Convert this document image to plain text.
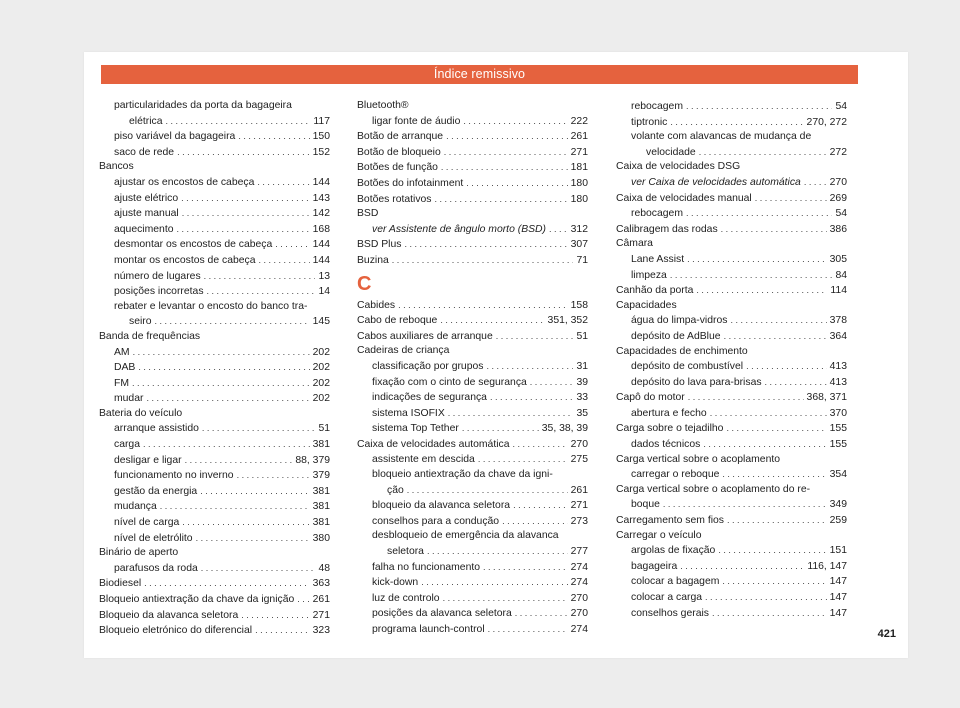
Índice remissivo
particularidades da porta da bagageira
elétrica . . .	117
piso variável da bagageira . . .	150
saco de rede . . .	152
Bancos
ajustar os encostos de cabeça . . .	144
ajuste elétrico . . .	143
ajuste manual . . .	142
aquecimento . . .	168
desmontar os encostos de cabeça . . .	144
montar os encostos de cabeça . . .	144
número de lugares . . .	13
posições incorretas . . .	14
rebater e levantar o encosto do banco tra-
seiro . . .	145
Banda de frequências
AM . . .	202
DAB . . .	202
FM . . .	202
mudar . . .	202
Bateria do veículo
arranque assistido . . .	51
carga . . .	381
desligar e ligar . . .	88, 379
funcionamento no inverno . . .	379
gestão da energia . . .	381
mudança . . .	381
nível de carga . . .	381
nível de eletrólito . . .	380
Binário de aperto
parafusos da roda . . .	48
Biodiesel . . .	363
Bloqueio antiextração da chave da ignição . . . 261
Bloqueio da alavanca seletora . . .	271
Bloqueio eletrónico do diferencial . . .	323
Bluetooth®
ligar fonte de áudio . . .	222
Botão de arranque . . .	261
Botão de bloqueio . . .	271
Botões de função . . .	181
Botões do infotainment . . .	180
Botões rotativos . . .	180
BSD
ver Assistente de ângulo morto (BSD) . . . 312
BSD Plus . . .	307
Buzina . . .	71
C
Cabides . . .	158
Cabo de reboque . . .	351, 352
Cabos auxiliares de arranque . . .	51
Cadeiras de criança
classificação por grupos . . .	31
fixação com o cinto de segurança . . .	39
indicações de segurança . . .	33
sistema ISOFIX . . .	35
sistema Top Tether . . .	35, 38, 39
Caixa de velocidades automática . . .	270
assistente em descida . . .	275
bloqueio antiextração da chave da igni-
ção . . .	261
bloqueio da alavanca seletora . . .	271
conselhos para a condução . . .	273
desbloqueio de emergência da alavanca
seletora . . .	277
falha no funcionamento . . .	274
kick-down . . .	274
luz de controlo . . .	270
posições da alavanca seletora . . .	270
programa launch-control . . .	274
rebocagem . . .	54
tiptronic . . .	270, 272
volante com alavancas de mudança de
velocidade . . .	272
Caixa de velocidades DSG
ver Caixa de velocidades automática . . .	270
Caixa de velocidades manual . . .	269
rebocagem . . .	54
Calibragem das rodas . . .	386
Câmara
Lane Assist . . .	305
limpeza . . .	84
Canhão da porta . . .	114
Capacidades
água do limpa-vidros . . .	378
depósito de AdBlue . . .	364
Capacidades de enchimento
depósito de combustível . . .	413
depósito do lava para-brisas . . .	413
Capô do motor . . .	368, 371
abertura e fecho . . .	370
Carga sobre o tejadilho . . .	155
dados técnicos . . .	155
Carga vertical sobre o acoplamento
carregar o reboque . . .	354
Carga vertical sobre o acoplamento do re-
boque . . .	349
Carregamento sem fios . . .	259
Carregar o veículo
argolas de fixação . . .	151
bagageira . . .	116, 147
colocar a bagagem . . .	147
colocar a carga . . .	147
conselhos gerais . . .	147
421
